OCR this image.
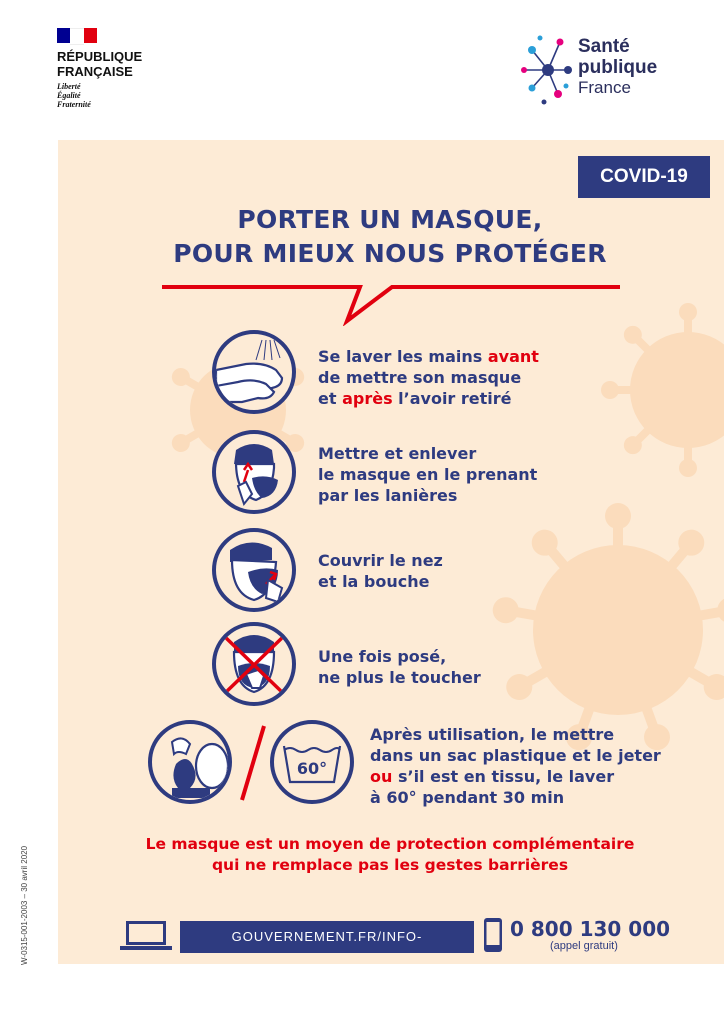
RÉPUBLIQUE
FRANÇAISE
Liberté
Égalité
Fraternité
Santé
publique
France
COVID-19
PORTER UN MASQUE,
POUR MIEUX NOUS PROTÉGER
Se laver les mains avant
de mettre son masque
et après l’avoir retiré
Mettre et enlever
le masque en le prenant
par les lanières
Couvrir le nez
et la bouche
Une fois posé,
ne plus le toucher
60°
Après utilisation, le mettre
dans un sac plastique et le jeter
ou s’il est en tissu, le laver
à 60° pendant 30 min
Le masque est un moyen de protection complémentaire
qui ne remplace pas les gestes barrières
GOUVERNEMENT.FR/INFO-CORONAVIRUS
0 800 130 000
(appel gratuit)
W-0315-001-2003 – 30 avril 2020
